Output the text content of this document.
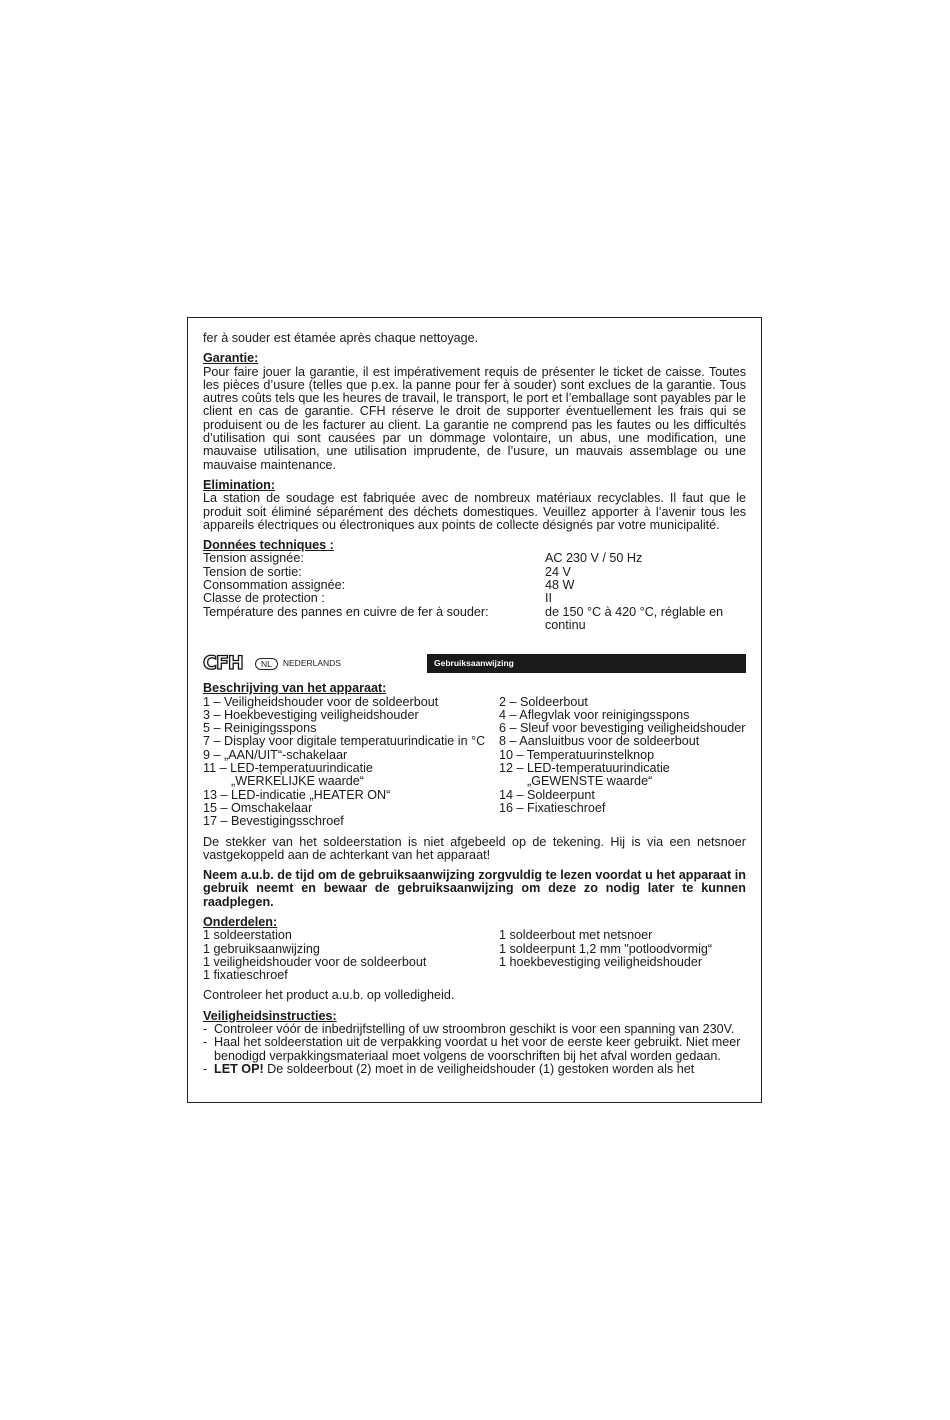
fer à souder est étamée après chaque nettoyage.

Garantie:

Pour faire jouer la garantie, il est impérativement requis de présenter le ticket de caisse. Toutes les pièces d’usure (telles que p.ex. la panne pour fer à souder) sont exclues de la garantie. Tous autres coûts tels que les heures de travail, le transport, le port et l’emballage sont payables par le client en cas de garantie. CFH réserve le droit de supporter éventuellement les frais qui se produisent ou de les facturer au client. La garantie ne comprend pas les fautes ou les difficultés d’utilisation qui sont causées par un dommage volontaire, un abus, une modification, une mauvaise utilisation, une utilisation imprudente, de l’usure, un mauvais assemblage ou une mauvaise maintenance.

Elimination:

La station de soudage est fabriquée avec de nombreux matériaux recyclables. Il faut que le produit soit éliminé séparément des déchets domestiques. Veuillez apporter à l’avenir tous les appareils électriques ou électroniques aux points de collecte désignés par votre municipalité.

Données techniques :

Tension assignée:	AC 230 V / 50 Hz
Tension de sortie:	24 V
Consommation assignée:	48 W
Classe de protection :	II
Température des pannes en cuivre de fer à souder:	de 150 °C à 420 °C, réglable en continu
CFH	NL	NEDERLANDS	Gebruiksaanwijzing

Beschrijving van het apparaat:

1 – Veiligheidshouder voor de soldeerbout	2 – Soldeerbout
3 – Hoekbevestiging veiligheidshouder	4 – Aflegvlak voor reinigingsspons
5 – Reinigingsspons	6 – Sleuf voor bevestiging veiligheidshouder
7 – Display voor digitale temperatuurindicatie in °C	8 – Aansluitbus voor de soldeerbout
9 – „AAN/UIT“-schakelaar	10 – Temperatuurinstelknop
11 – LED-temperatuurindicatie	12 – LED-temperatuurindicatie
„WERKELIJKE waarde“	„GEWENSTE waarde“
13 – LED-indicatie „HEATER ON“	14 – Soldeerpunt
15 – Omschakelaar	16 – Fixatieschroef
17 – Bevestigingsschroef

De stekker van het soldeerstation is niet afgebeeld op de tekening. Hij is via een netsnoer vastgekoppeld aan de achterkant van het apparaat!

Neem a.u.b. de tijd om de gebruiksaanwijzing zorgvuldig te lezen voordat u het apparaat in gebruik neemt en bewaar de gebruiksaanwijzing om deze zo nodig later te kunnen raadplegen.

Onderdelen:

1 soldeerstation	1 soldeerbout met netsnoer
1 gebruiksaanwijzing	1 soldeerpunt 1,2 mm "potloodvormig“
1 veiligheidshouder voor de soldeerbout	1 hoekbevestiging veiligheidshouder
1 fixatieschroef

Controleer het product a.u.b. op volledigheid.

Veiligheidsinstructies:

- Controleer vóór de inbedrijfstelling of uw stroombron geschikt is voor een spanning van 230V.
- Haal het soldeerstation uit de verpakking voordat u het voor de eerste keer gebruikt. Niet meer benodigd verpakkingsmateriaal moet volgens de voorschriften bij het afval worden gedaan.
- LET OP! De soldeerbout (2) moet in de veiligheidshouder (1) gestoken worden als het
